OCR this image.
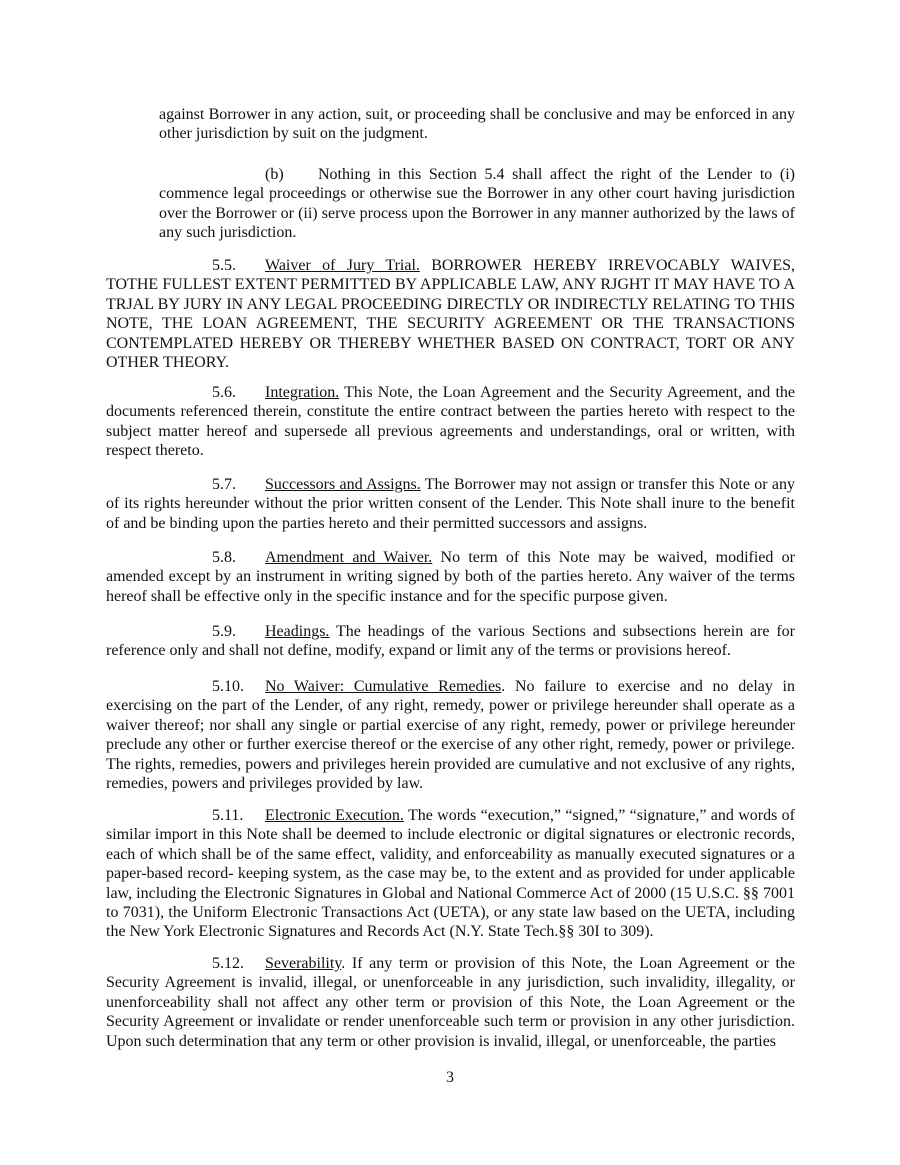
against Borrower in any action, suit, or proceeding shall be conclusive and may be enforced in any other jurisdiction by suit on the judgment.

(b) Nothing in this Section 5.4 shall affect the right of the Lender to (i) commence legal proceedings or otherwise sue the Borrower in any other court having jurisdiction over the Borrower or (ii) serve process upon the Borrower in any manner authorized by the laws of any such jurisdiction.

5.5. Waiver of Jury Trial. BORROWER HEREBY IRREVOCABLY WAIVES, TOTHE FULLEST EXTENT PERMITTED BY APPLICABLE LAW, ANY RJGHT IT MAY HAVE TO A TRJAL BY JURY IN ANY LEGAL PROCEEDING DIRECTLY OR INDIRECTLY RELATING TO THIS NOTE, THE LOAN AGREEMENT, THE SECURITY AGREEMENT OR THE TRANSACTIONS CONTEMPLATED HEREBY OR THEREBY WHETHER BASED ON CONTRACT, TORT OR ANY OTHER THEORY.

5.6. Integration. This Note, the Loan Agreement and the Security Agreement, and the documents referenced therein, constitute the entire contract between the parties hereto with respect to the subject matter hereof and supersede all previous agreements and understandings, oral or written, with respect thereto.

5.7. Successors and Assigns. The Borrower may not assign or transfer this Note or any of its rights hereunder without the prior written consent of the Lender. This Note shall inure to the benefit of and be binding upon the parties hereto and their permitted successors and assigns.

5.8. Amendment and Waiver. No term of this Note may be waived, modified or amended except by an instrument in writing signed by both of the parties hereto. Any waiver of the terms hereof shall be effective only in the specific instance and for the specific purpose given.

5.9. Headings. The headings of the various Sections and subsections herein are for reference only and shall not define, modify, expand or limit any of the terms or provisions hereof.

5.10. No Waiver: Cumulative Remedies. No failure to exercise and no delay in exercising on the part of the Lender, of any right, remedy, power or privilege hereunder shall operate as a waiver thereof; nor shall any single or partial exercise of any right, remedy, power or privilege hereunder preclude any other or further exercise thereof or the exercise of any other right, remedy, power or privilege. The rights, remedies, powers and privileges herein provided are cumulative and not exclusive of any rights, remedies, powers and privileges provided by law.

5.11. Electronic Execution. The words “execution,” “signed,” “signature,” and words of similar import in this Note shall be deemed to include electronic or digital signatures or electronic records, each of which shall be of the same effect, validity, and enforceability as manually executed signatures or a paper-based record- keeping system, as the case may be, to the extent and as provided for under applicable law, including the Electronic Signatures in Global and National Commerce Act of 2000 (15 U.S.C. §§ 7001 to 7031), the Uniform Electronic Transactions Act (UETA), or any state law based on the UETA, including the New York Electronic Signatures and Records Act (N.Y. State Tech.§§ 30I to 309).

5.12. Severability. If any term or provision of this Note, the Loan Agreement or the Security Agreement is invalid, illegal, or unenforceable in any jurisdiction, such invalidity, illegality, or unenforceability shall not affect any other term or provision of this Note, the Loan Agreement or the Security Agreement or invalidate or render unenforceable such term or provision in any other jurisdiction. Upon such determination that any term or other provision is invalid, illegal, or unenforceable, the parties

3
